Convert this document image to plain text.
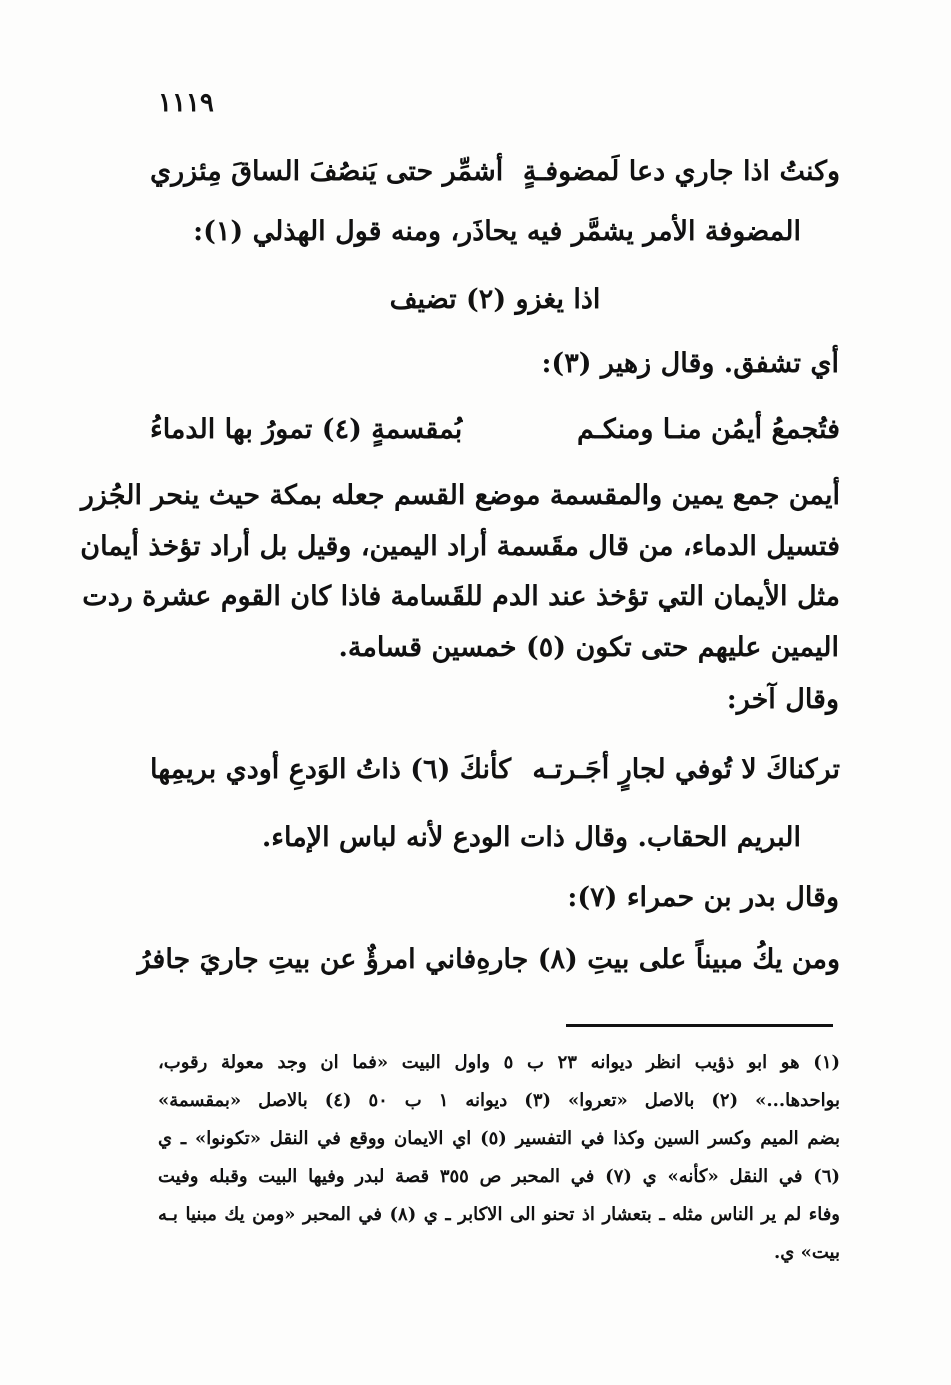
١١١٩
وكنتُ اذا جاري دعا لَمضوفـةٍ
أشمِّر حتى يَنصُفَ الساقَ مِئزري
المضوفة الأمر يشمَّر فيه يحاذَر، ومنه قول الهذلي (١):
اذا يغزو (٢) تضيف
أي تشفق. وقال زهير (٣):
فتُجمعُ أيمُن منـا ومنكـم
بُمقسمةٍ (٤) تمورُ بها الدماءُ
أيمن جمع يمين والمقسمة موضع القسم جعله بمكة حيث ينحر الجُزر
فتسيل الدماء، من قال مقَسمة أراد اليمين، وقيل بل أراد تؤخذ أيمان
مثل الأيمان التي تؤخذ عند الدم للقَسامة فاذا كان القوم عشرة ردت
اليمين عليهم حتى تكون (٥) خمسين قسامة.
وقال آخر:
تركناكَ لا تُوفي لجارٍ أجَـرتـه
كأنكَ (٦) ذاتُ الوَدعِ أودي بريمِها
البريم الحقاب. وقال ذات الودع لأنه لباس الإماء.
وقال بدر بن حمراء (٧):
ومن يكُ مبيناً على بيتِ (٨) جارهِ
فاني امرؤٌ عن بيتِ جاريَ جافرُ
(١) هو ابو ذؤيب انظر ديوانه ٢٣ ب ٥ واول البيت «فما ان وجد معولة رقوب،
بواحدها...» (٢) بالاصل «تعروا» (٣) ديوانه ١ ب ٥٠ (٤) بالاصل «بمقسمة»
بضم الميم وكسر السين وكذا في التفسير (٥) اي الايمان ووقع في النقل «تكونوا» ـ ي
(٦) في النقل «كأنه» ي (٧) في المحبر ص ٣٥٥ قصة لبدر وفيها البيت وقبله وفيت
وفاء لم ير الناس مثله ـ بتعشار اذ تحنو الى الاكابر ـ ي (٨) في المحبر «ومن يك مبنيا بـه
بيت» ي.
